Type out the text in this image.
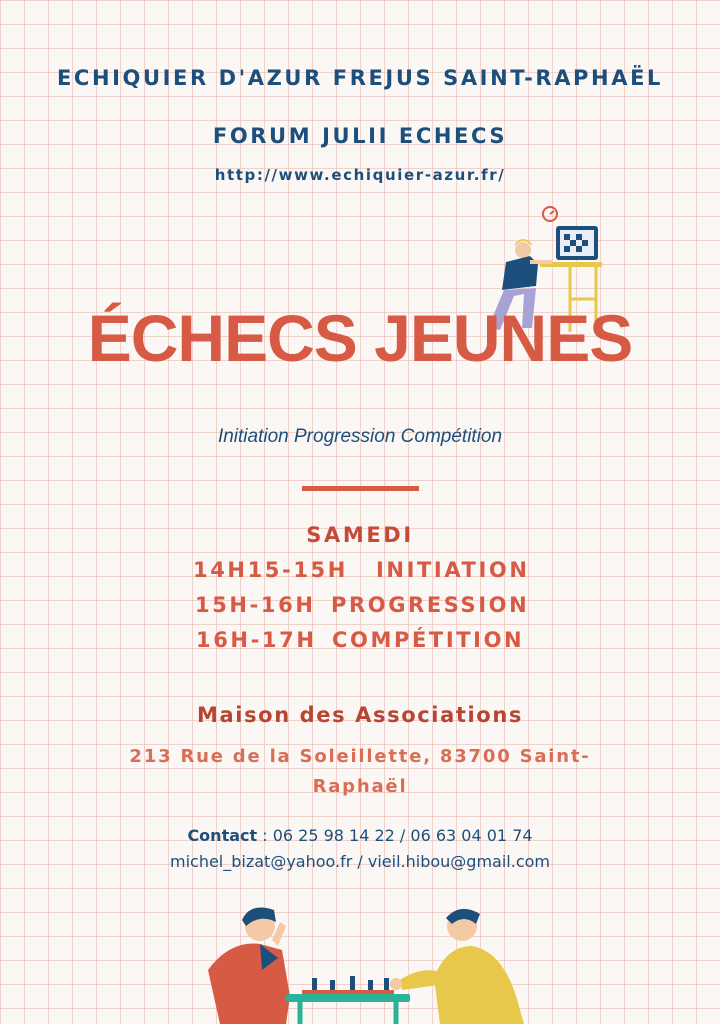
ECHIQUIER D'AZUR FREJUS SAINT-RAPHAËL
FORUM JULII ECHECS
http://www.echiquier-azur.fr/
ÉCHECS JEUNES
Initiation Progression Compétition
SAMEDI
14H15-15H INITIATION
15H-16H PROGRESSION
16H-17H COMPÉTITION
Maison des Associations
213 Rue de la Soleillette, 83700 Saint-Raphaël
Contact : 06 25 98 14 22 / 06 63 04 01 74
michel_bizat@yahoo.fr / vieil.hibou@gmail.com
